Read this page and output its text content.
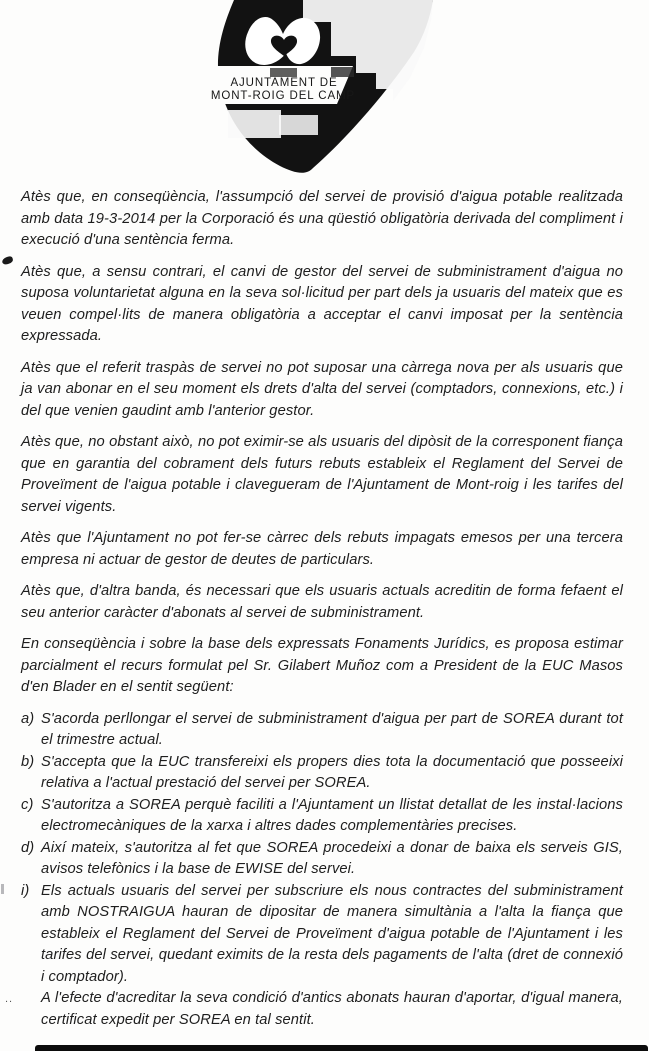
AJUNTAMENT DE
MONT-ROIG DEL CAMP
..

Atès que, en conseqüència, l'assumpció del servei de provisió d'aigua potable realitzada amb data 19-3-2014 per la Corporació és una qüestió obligatòria derivada del compliment i execució d'una sentència ferma.

Atès que, a sensu contrari, el canvi de gestor del servei de subministrament d'aigua no suposa voluntarietat alguna en la seva sol·licitud per part dels ja usuaris del mateix que es veuen compel·lits de manera obligatòria a acceptar el canvi imposat per la sentència expressada.

Atès que el referit traspàs de servei no pot suposar una càrrega nova per als usuaris que ja van abonar en el seu moment els drets d'alta del servei (comptadors, connexions, etc.) i del que venien gaudint amb l'anterior gestor.

Atès que, no obstant això, no pot eximir-se als usuaris del dipòsit de la corresponent fiança que en garantia del cobrament dels futurs rebuts estableix el Reglament del Servei de Proveïment de l'aigua potable i clavegueram de l'Ajuntament de Mont-roig i les tarifes del servei vigents.

Atès que l'Ajuntament no pot fer-se càrrec dels rebuts impagats emesos per una tercera empresa ni actuar de gestor de deutes de particulars.

Atès que, d'altra banda, és necessari que els usuaris actuals acreditin de forma fefaent el seu anterior caràcter d'abonats al servei de subministrament.

En conseqüència i sobre la base dels expressats Fonaments Jurídics, es proposa estimar parcialment el recurs formulat pel Sr. Gilabert Muñoz com a President de la EUC Masos d'en Blader en el sentit següent:

a) S'acorda perllongar el servei de subministrament d'aigua per part de SOREA durant tot el trimestre actual.
b) S'accepta que la EUC transfereixi els propers dies tota la documentació que posseeixi relativa a l'actual prestació del servei per SOREA.
c) S'autoritza a SOREA perquè faciliti a l'Ajuntament un llistat detallat de les instal·lacions electromecàniques de la xarxa i altres dades complementàries precises.
d) Així mateix, s'autoritza al fet que SOREA procedeixi a donar de baixa els serveis GIS, avisos telefònics i la base de EWISE del servei.
i) Els actuals usuaris del servei per subscriure els nous contractes del subministrament amb NOSTRAIGUA hauran de dipositar de manera simultània a l'alta la fiança que estableix el Reglament del Servei de Proveïment d'aigua potable de l'Ajuntament i les tarifes del servei, quedant eximits de la resta dels pagaments de l'alta (dret de connexió i comptador).
A l'efecte d'acreditar la seva condició d'antics abonats hauran d'aportar, d'igual manera, certificat expedit per SOREA en tal sentit.
